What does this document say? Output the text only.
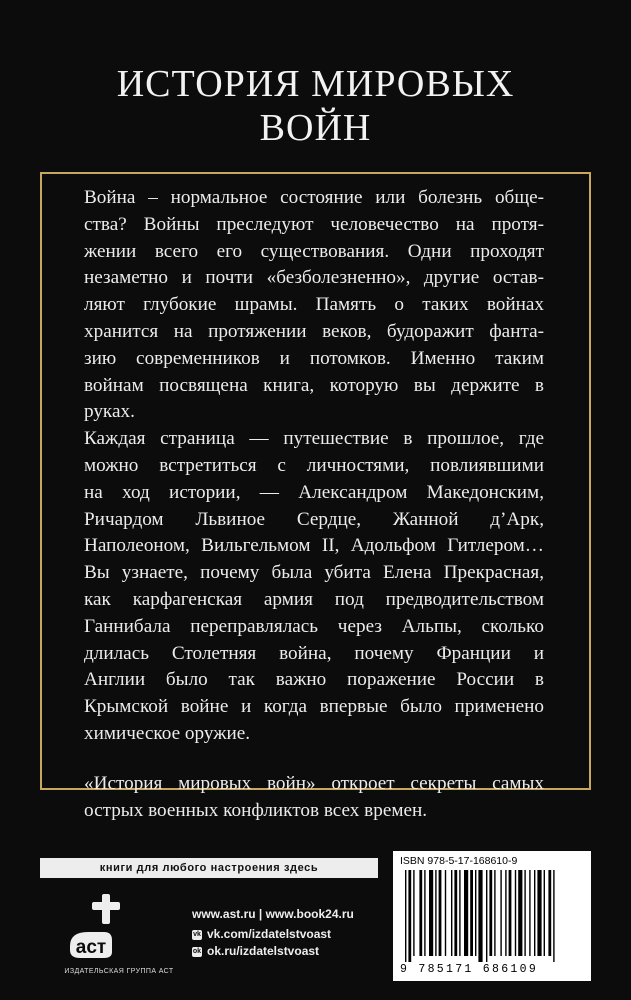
ИСТОРИЯ МИРОВЫХ
ВОЙН

Война – нормальное состояние или болезнь обще-
ства? Войны преследуют человечество на протя-
жении всего его существования. Одни проходят
незаметно и почти «безболезненно», другие остав-
ляют глубокие шрамы. Память о таких войнах
хранится на протяжении веков, будоражит фанта-
зию современников и потомков. Именно таким
войнам посвящена книга, которую вы держите в
руках.

Каждая страница — путешествие в прошлое, где
можно встретиться с личностями, повлиявшими
на ход истории, — Александром Македонским,
Ричардом Львиное Сердце, Жанной д’Арк,
Наполеоном, Вильгельмом II, Адольфом Гитлером…
Вы узнаете, почему была убита Елена Прекрасная,
как карфагенская армия под предводительством
Ганнибала переправлялась через Альпы, сколько
длилась Столетняя война, почему Франции и
Англии было так важно поражение России в
Крымской войне и когда впервые было применено
химическое оружие.

«История мировых войн» откроет секреты самых
острых военных конфликтов всех времен.

книги для любого настроения здесь
аст
ИЗДАТЕЛЬСКАЯ ГРУППА АСТ
www.ast.ru | www.book24.ru
vk vk.com/izdatelstvoast
ok ok.ru/izdatelstvoast
ISBN 978-5-17-168610-9
9 785171 686109
